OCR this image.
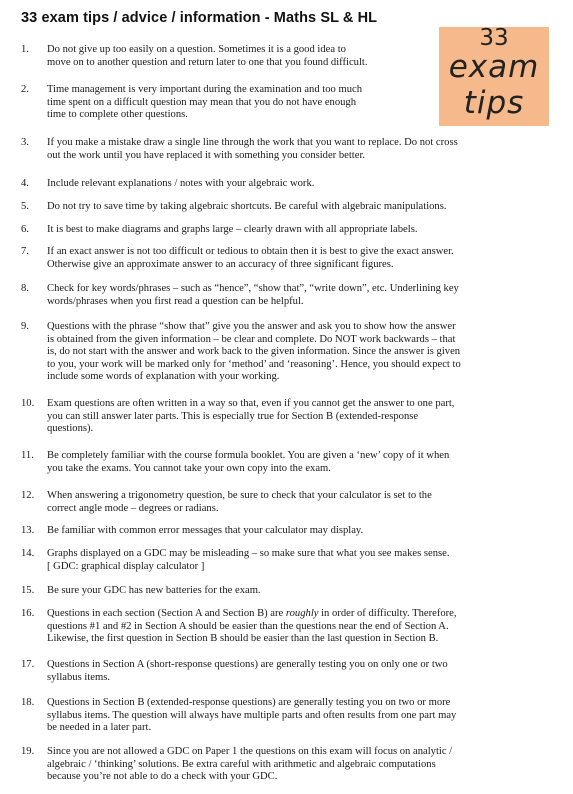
33 exam tips / advice / information - Maths SL & HL
33
exam
tips
1.	Do not give up too easily on a question. Sometimes it is a good idea to
move on to another question and return later to one that you found difficult.
2.	Time management is very important during the examination and too much
time spent on a difficult question may mean that you do not have enough
time to complete other questions.
3.	If you make a mistake draw a single line through the work that you want to replace. Do not cross
out the work until you have replaced it with something you consider better.
4.	Include relevant explanations / notes with your algebraic work.
5.	Do not try to save time by taking algebraic shortcuts. Be careful with algebraic manipulations.
6.	It is best to make diagrams and graphs large – clearly drawn with all appropriate labels.
7.	If an exact answer is not too difficult or tedious to obtain then it is best to give the exact answer.
Otherwise give an approximate answer to an accuracy of three significant figures.
8.	Check for key words/phrases – such as “hence”, “show that”, “write down”, etc. Underlining key
words/phrases when you first read a question can be helpful.
9.	Questions with the phrase “show that” give you the answer and ask you to show how the answer
is obtained from the given information – be clear and complete. Do NOT work backwards – that
is, do not start with the answer and work back to the given information. Since the answer is given
to you, your work will be marked only for ‘method’ and ‘reasoning’. Hence, you should expect to
include some words of explanation with your working.
10.	Exam questions are often written in a way so that, even if you cannot get the answer to one part,
you can still answer later parts. This is especially true for Section B (extended-response
questions).
11.	Be completely familiar with the course formula booklet. You are given a ‘new’ copy of it when
you take the exams. You cannot take your own copy into the exam.
12.	When answering a trigonometry question, be sure to check that your calculator is set to the
correct angle mode – degrees or radians.
13.	Be familiar with common error messages that your calculator may display.
14.	Graphs displayed on a GDC may be misleading – so make sure that what you see makes sense.
[ GDC: graphical display calculator ]
15.	Be sure your GDC has new batteries for the exam.
16.	Questions in each section (Section A and Section B) are roughly in order of difficulty. Therefore,
questions #1 and #2 in Section A should be easier than the questions near the end of Section A.
Likewise, the first question in Section B should be easier than the last question in Section B.
17.	Questions in Section A (short-response questions) are generally testing you on only one or two
syllabus items.
18.	Questions in Section B (extended-response questions) are generally testing you on two or more
syllabus items. The question will always have multiple parts and often results from one part may
be needed in a later part.
19.	Since you are not allowed a GDC on Paper 1 the questions on this exam will focus on analytic /
algebraic / ‘thinking’ solutions. Be extra careful with arithmetic and algebraic computations
because you’re not able to do a check with your GDC.
